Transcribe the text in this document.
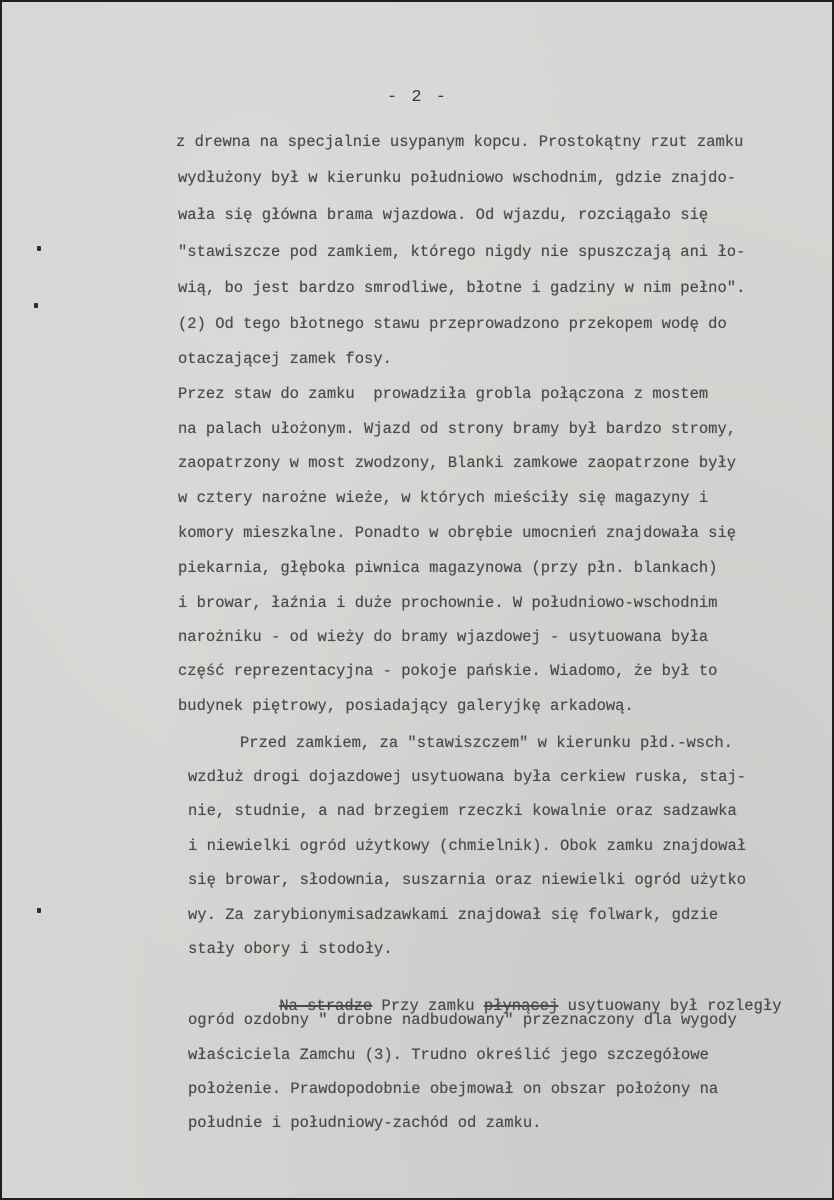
- 2 -
z drewna na specjalnie usypanym kopcu. Prostokątny rzut zamku
wydłużony był w kierunku południowo wschodnim, gdzie znajdo-
wała się główna brama wjazdowa. Od wjazdu, rozciągało się
"stawiszcze pod zamkiem, którego nigdy nie spuszczają ani ło-
wią, bo jest bardzo smrodliwe, błotne i gadziny w nim pełno".
(2) Od tego błotnego stawu przeprowadzono przekopem wodę do
otaczającej zamek fosy.
Przez staw do zamku  prowadziła grobla połączona z mostem
na palach ułożonym. Wjazd od strony bramy był bardzo stromy,
zaopatrzony w most zwodzony, Blanki zamkowe zaopatrzone były
w cztery narożne wieże, w których mieściły się magazyny i
komory mieszkalne. Ponadto w obrębie umocnień znajdowała się
piekarnia, głęboka piwnica magazynowa (przy płn. blankach)
i browar, łaźnia i duże prochownie. W południowo-wschodnim
narożniku - od wieży do bramy wjazdowej - usytuowana była
część reprezentacyjna - pokoje pańskie. Wiadomo, że był to
budynek piętrowy, posiadający galeryjkę arkadową.
Przed zamkiem, za "stawiszczem" w kierunku płd.-wsch.
wzdłuż drogi dojazdowej usytuowana była cerkiew ruska, staj-
nie, studnie, a nad brzegiem rzeczki kowalnie oraz sadzawka
i niewielki ogród użytkowy (chmielnik). Obok zamku znajdował
się browar, słodownia, suszarnia oraz niewielki ogród użytko
wy. Za zarybionymisadzawkami znajdował się folwark, gdzie
stały obory i stodoły.

Na stradze Przy zamku płynącej usytuowany był rozległy

ogród ozdobny " drobne nadbudowany" przeznaczony dla wygody
właściciela Zamchu (3). Trudno określić jego szczegółowe
położenie. Prawdopodobnie obejmował on obszar położony na
południe i południowy-zachód od zamku.
